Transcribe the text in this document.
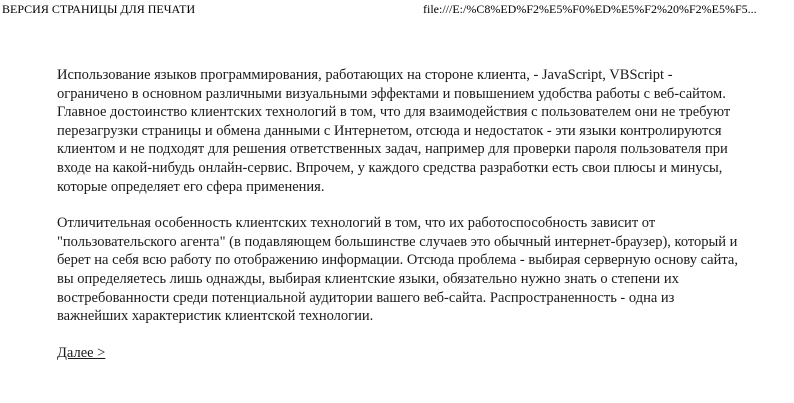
ВЕРСИЯ СТРАНИЦЫ ДЛЯ ПЕЧАТИ	file:///E:/%C8%ED%F2%E5%F0%ED%E5%F2%20%F2%E5%F5...

Использование языков программирования, работающих на стороне клиента, - JavaScript, VBScript - ограничено в основном различными визуальными эффектами и повышением удобства работы с веб-сайтом. Главное достоинство клиентских технологий в том, что для взаимодействия с пользователем они не требуют перезагрузки страницы и обмена данными с Интернетом, отсюда и недостаток - эти языки контролируются клиентом и не подходят для решения ответственных задач, например для проверки пароля пользователя при входе на какой-нибудь онлайн-сервис. Впрочем, у каждого средства разработки есть свои плюсы и минусы, которые определяет его сфера применения.

Отличительная особенность клиентских технологий в том, что их работоспособность зависит от "пользовательского агента" (в подавляющем большинстве случаев это обычный интернет-браузер), который и берет на себя всю работу по отображению информации. Отсюда проблема - выбирая серверную основу сайта, вы определяетесь лишь однажды, выбирая клиентские языки, обязательно нужно знать о степени их востребованности среди потенциальной аудитории вашего веб-сайта. Распространенность - одна из важнейших характеристик клиентской технологии.

Далее >
